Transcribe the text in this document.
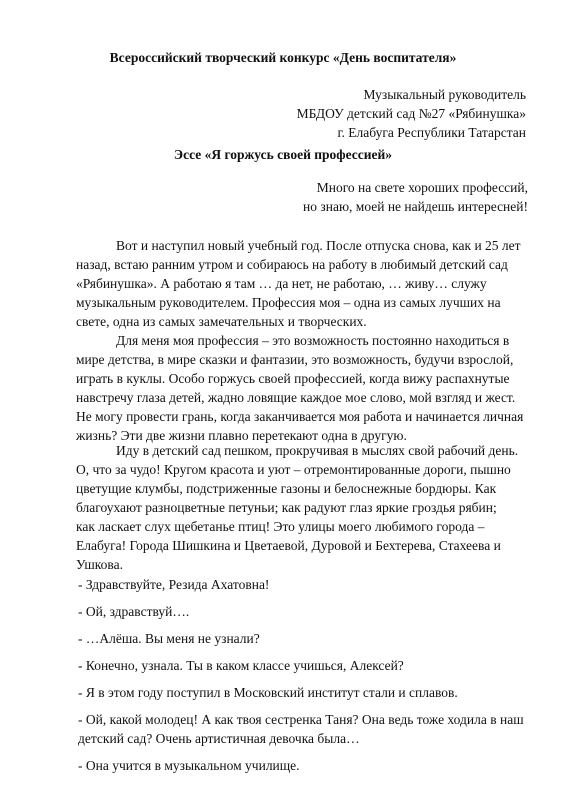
Всероссийский творческий конкурс «День воспитателя»
Музыкальный руководитель
МБДОУ детский сад №27 «Рябинушка»
г. Елабуга Республики Татарстан
Эссе «Я горжусь своей профессией»
Много на свете хороших профессий,
но знаю, моей не найдешь интересней!
Вот и наступил новый учебный год. После отпуска снова, как и 25 лет
назад, встаю ранним утром и собираюсь на работу в любимый детский сад
«Рябинушка». А работаю я там … да нет, не работаю, … живу… служу
музыкальным руководителем. Профессия моя – одна из самых лучших на
свете, одна из самых замечательных и творческих.
Для меня моя профессия – это возможность постоянно находиться в
мире детства, в мире сказки и фантазии, это возможность, будучи взрослой,
играть в куклы. Особо горжусь своей профессией, когда вижу распахнутые
навстречу глаза детей, жадно ловящие каждое мое слово, мой взгляд и жест.
Не могу провести грань, когда заканчивается моя работа и начинается личная
жизнь? Эти две жизни плавно перетекают одна в другую.
Иду в детский сад пешком, прокручивая в мыслях свой рабочий день.
О, что за чудо! Кругом красота и уют – отремонтированные дороги, пышно
цветущие клумбы, подстриженные газоны и белоснежные бордюры. Как
благоухают разноцветные петуньи; как радуют глаз яркие гроздья рябин;
как ласкает слух щебетанье птиц! Это улицы моего любимого города –
Елабуга! Города Шишкина и Цветаевой, Дуровой и Бехтерева, Стахеева и
Ушкова.
- Здравствуйте, Резида Ахатовна!
- Ой, здравствуй….
- …Алёша. Вы меня не узнали?
- Конечно, узнала. Ты в каком классе учишься, Алексей?
- Я в этом году поступил в Московский институт стали и сплавов.
- Ой, какой молодец! А как твоя сестренка Таня? Она ведь тоже ходила в наш
детский сад? Очень артистичная девочка была…
- Она учится в музыкальном училище.
